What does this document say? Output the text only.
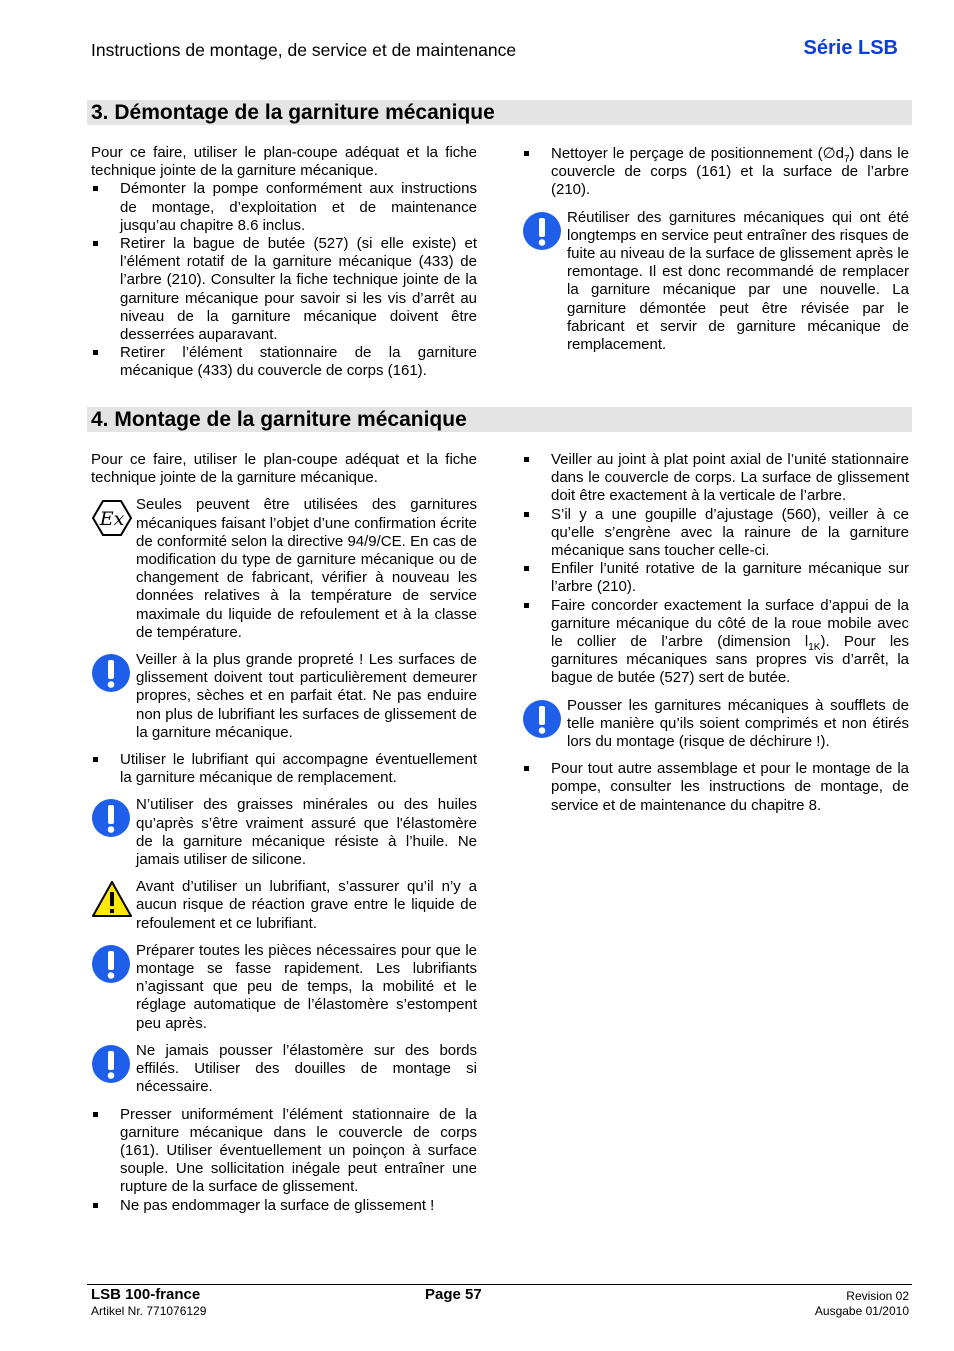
Instructions de montage, de service et de maintenance	Série LSB
3. Démontage de la garniture mécanique

Pour ce faire, utiliser le plan-coupe adéquat et la fiche technique jointe de la garniture mécanique.

Démonter la pompe conformément aux instructions de montage, d’exploitation et de maintenance jusqu’au chapitre 8.6 inclus.
Retirer la bague de butée (527) (si elle existe) et l’élément rotatif de la garniture mécanique (433) de l’arbre (210). Consulter la fiche technique jointe de la garniture mécanique pour savoir si les vis d’arrêt au niveau de la garniture mécanique doivent être desserrées auparavant.
Retirer l’élément stationnaire de la garniture mécanique (433) du couvercle de corps (161).
Nettoyer le perçage de positionnement $(\emptyset d_7)$ dans le couvercle de corps (161) et la surface de l’arbre (210).

Réutiliser des garnitures mécaniques qui ont été longtemps en service peut entraîner des risques de fuite au niveau de la surface de glissement après le remontage. Il est donc recommandé de remplacer la garniture mécanique par une nouvelle. La garniture démontée peut être révisée par le fabricant et servir de garniture mécanique de remplacement.

4. Montage de la garniture mécanique

Pour ce faire, utiliser le plan-coupe adéquat et la fiche technique jointe de la garniture mécanique.

Ex

Seules peuvent être utilisées des garnitures mécaniques faisant l’objet d’une confirmation écrite de conformité selon la directive 94/9/CE. En cas de modification du type de garniture mécanique ou de changement de fabricant, vérifier à nouveau les données relatives à la température de service maximale du liquide de refoulement et à la classe de température.

Veiller à la plus grande propreté ! Les surfaces de glissement doivent tout particulièrement demeurer propres, sèches et en parfait état. Ne pas enduire non plus de lubrifiant les surfaces de glissement de la garniture mécanique.

Utiliser le lubrifiant qui accompagne éventuellement la garniture mécanique de remplacement.

N’utiliser des graisses minérales ou des huiles qu’après s’être vraiment assuré que l'élastomère de la garniture mécanique résiste à l’huile. Ne jamais utiliser de silicone.

Avant d’utiliser un lubrifiant, s’assurer qu’il n’y a aucun risque de réaction grave entre le liquide de refoulement et ce lubrifiant.

Préparer toutes les pièces nécessaires pour que le montage se fasse rapidement. Les lubrifiants n’agissant que peu de temps, la mobilité et le réglage automatique de l’élastomère s’estompent peu après.

Ne jamais pousser l’élastomère sur des bords effilés. Utiliser des douilles de montage si nécessaire.

Presser uniformément l’élément stationnaire de la garniture mécanique dans le couvercle de corps (161). Utiliser éventuellement un poinçon à surface souple. Une sollicitation inégale peut entraîner une rupture de la surface de glissement.
Ne pas endommager la surface de glissement !
Veiller au joint à plat point axial de l’unité stationnaire dans le couvercle de corps. La surface de glissement doit être exactement à la verticale de l’arbre.
S’il y a une goupille d’ajustage (560), veiller à ce qu’elle s’engrène avec la rainure de la garniture mécanique sans toucher celle-ci.
Enfiler l’unité rotative de la garniture mécanique sur l’arbre (210).
Faire concorder exactement la surface d’appui de la garniture mécanique du côté de la roue mobile avec le collier de l’arbre (dimension $l_{1K}$). Pour les garnitures mécaniques sans propres vis d’arrêt, la bague de butée (527) sert de butée.

Pousser les garnitures mécaniques à soufflets de telle manière qu’ils soient comprimés et non étirés lors du montage (risque de déchirure !).

Pour tout autre assemblage et pour le montage de la pompe, consulter les instructions de montage, de service et de maintenance du chapitre 8.
LSB 100-france
Artikel Nr. 771076129
Page 57	Revision 02
Ausgabe 01/2010
